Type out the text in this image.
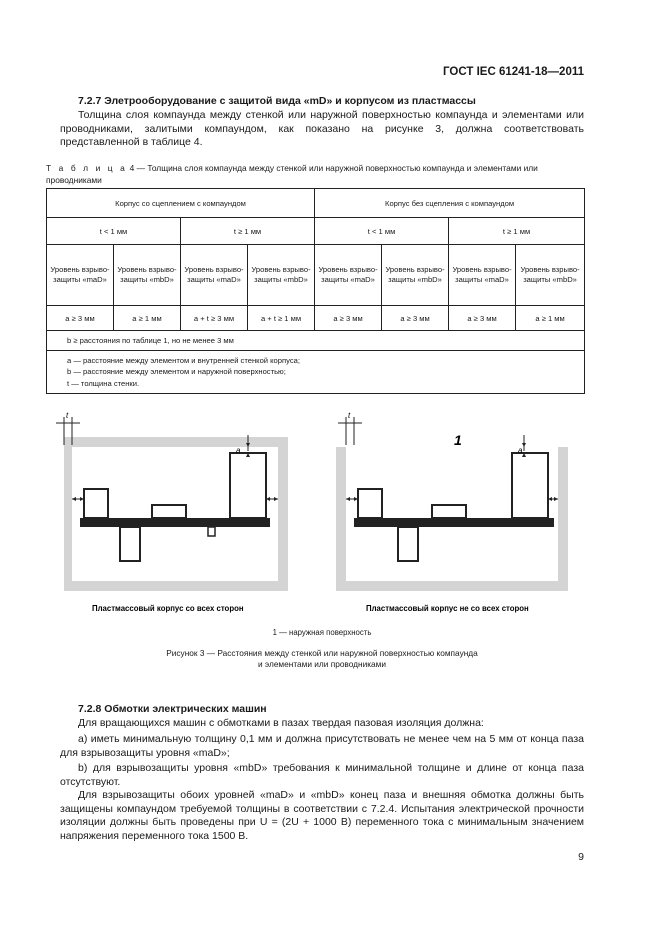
ГОСТ IEC 61241-18—2011
7.2.7 Элетрооборудование с защитой вида «mD» и корпусом из пластмассы

Толщина слоя компаунда между стенкой или наружной поверхностью компаунда и элементами или проводниками, залитыми компаундом, как показано на рисунке 3, должна соответствовать представленной в таблице 4.

Т а б л и ц а 4 — Толщина слоя компаунда между стенкой или наружной поверхностью компаунда и элементами или проводниками
Корпус со сцеплением с компаундом				Корпус без сцепления с компаундом			
t < 1 мм		t ≥ 1 мм		t < 1 мм		t ≥ 1 мм	
Уровень взрыво-защиты «maD»	Уровень взрыво-защиты «mbD»	Уровень взрыво-защиты «maD»	Уровень взрыво-защиты «mbD»	Уровень взрыво-защиты «maD»	Уровень взрыво-защиты «mbD»	Уровень взрыво-защиты «maD»	Уровень взрыво-защиты «mbD»
a ≥ 3 мм	a ≥ 1 мм	a + t ≥ 3 мм	a + t ≥ 1 мм	a ≥ 3 мм	a ≥ 3 мм	a ≥ 3 мм	a ≥ 1 мм
b ≥ расстояния по таблице 1, но не менее 3 мм							

a — расстояние между элементом и внутренней стенкой корпуса;
b — расстояние между элементом и наружной поверхностью;
t — толщина стенки.							
a
t
Пластмассовый корпус со всех сторон
a
t
1
Пластмассовый корпус не со всех сторон
1 — наружная поверхность
Рисунок 3 — Расстояния между стенкой или наружной поверхностью компаунда
и элементами или проводниками
7.2.8 Обмотки электрических машин

Для вращающихся машин с обмотками в пазах твердая пазовая изоляция должна:

a) иметь минимальную толщину 0,1 мм и должна присутствовать не менее чем на 5 мм от конца паза для взрывозащиты уровня «maD»;

b) для взрывозащиты уровня «mbD» требования к минимальной толщине и длине от конца паза отсутствуют.

Для взрывозащиты обоих уровней «maD» и «mbD» конец паза и внешняя обмотка должны быть защищены компаундом требуемой толщины в соответствии с 7.2.4. Испытания электрической прочности изоляции должны быть проведены при U = (2U + 1000 В) переменного тока с минимальным значением напряжения переменного тока 1500 В.

9
